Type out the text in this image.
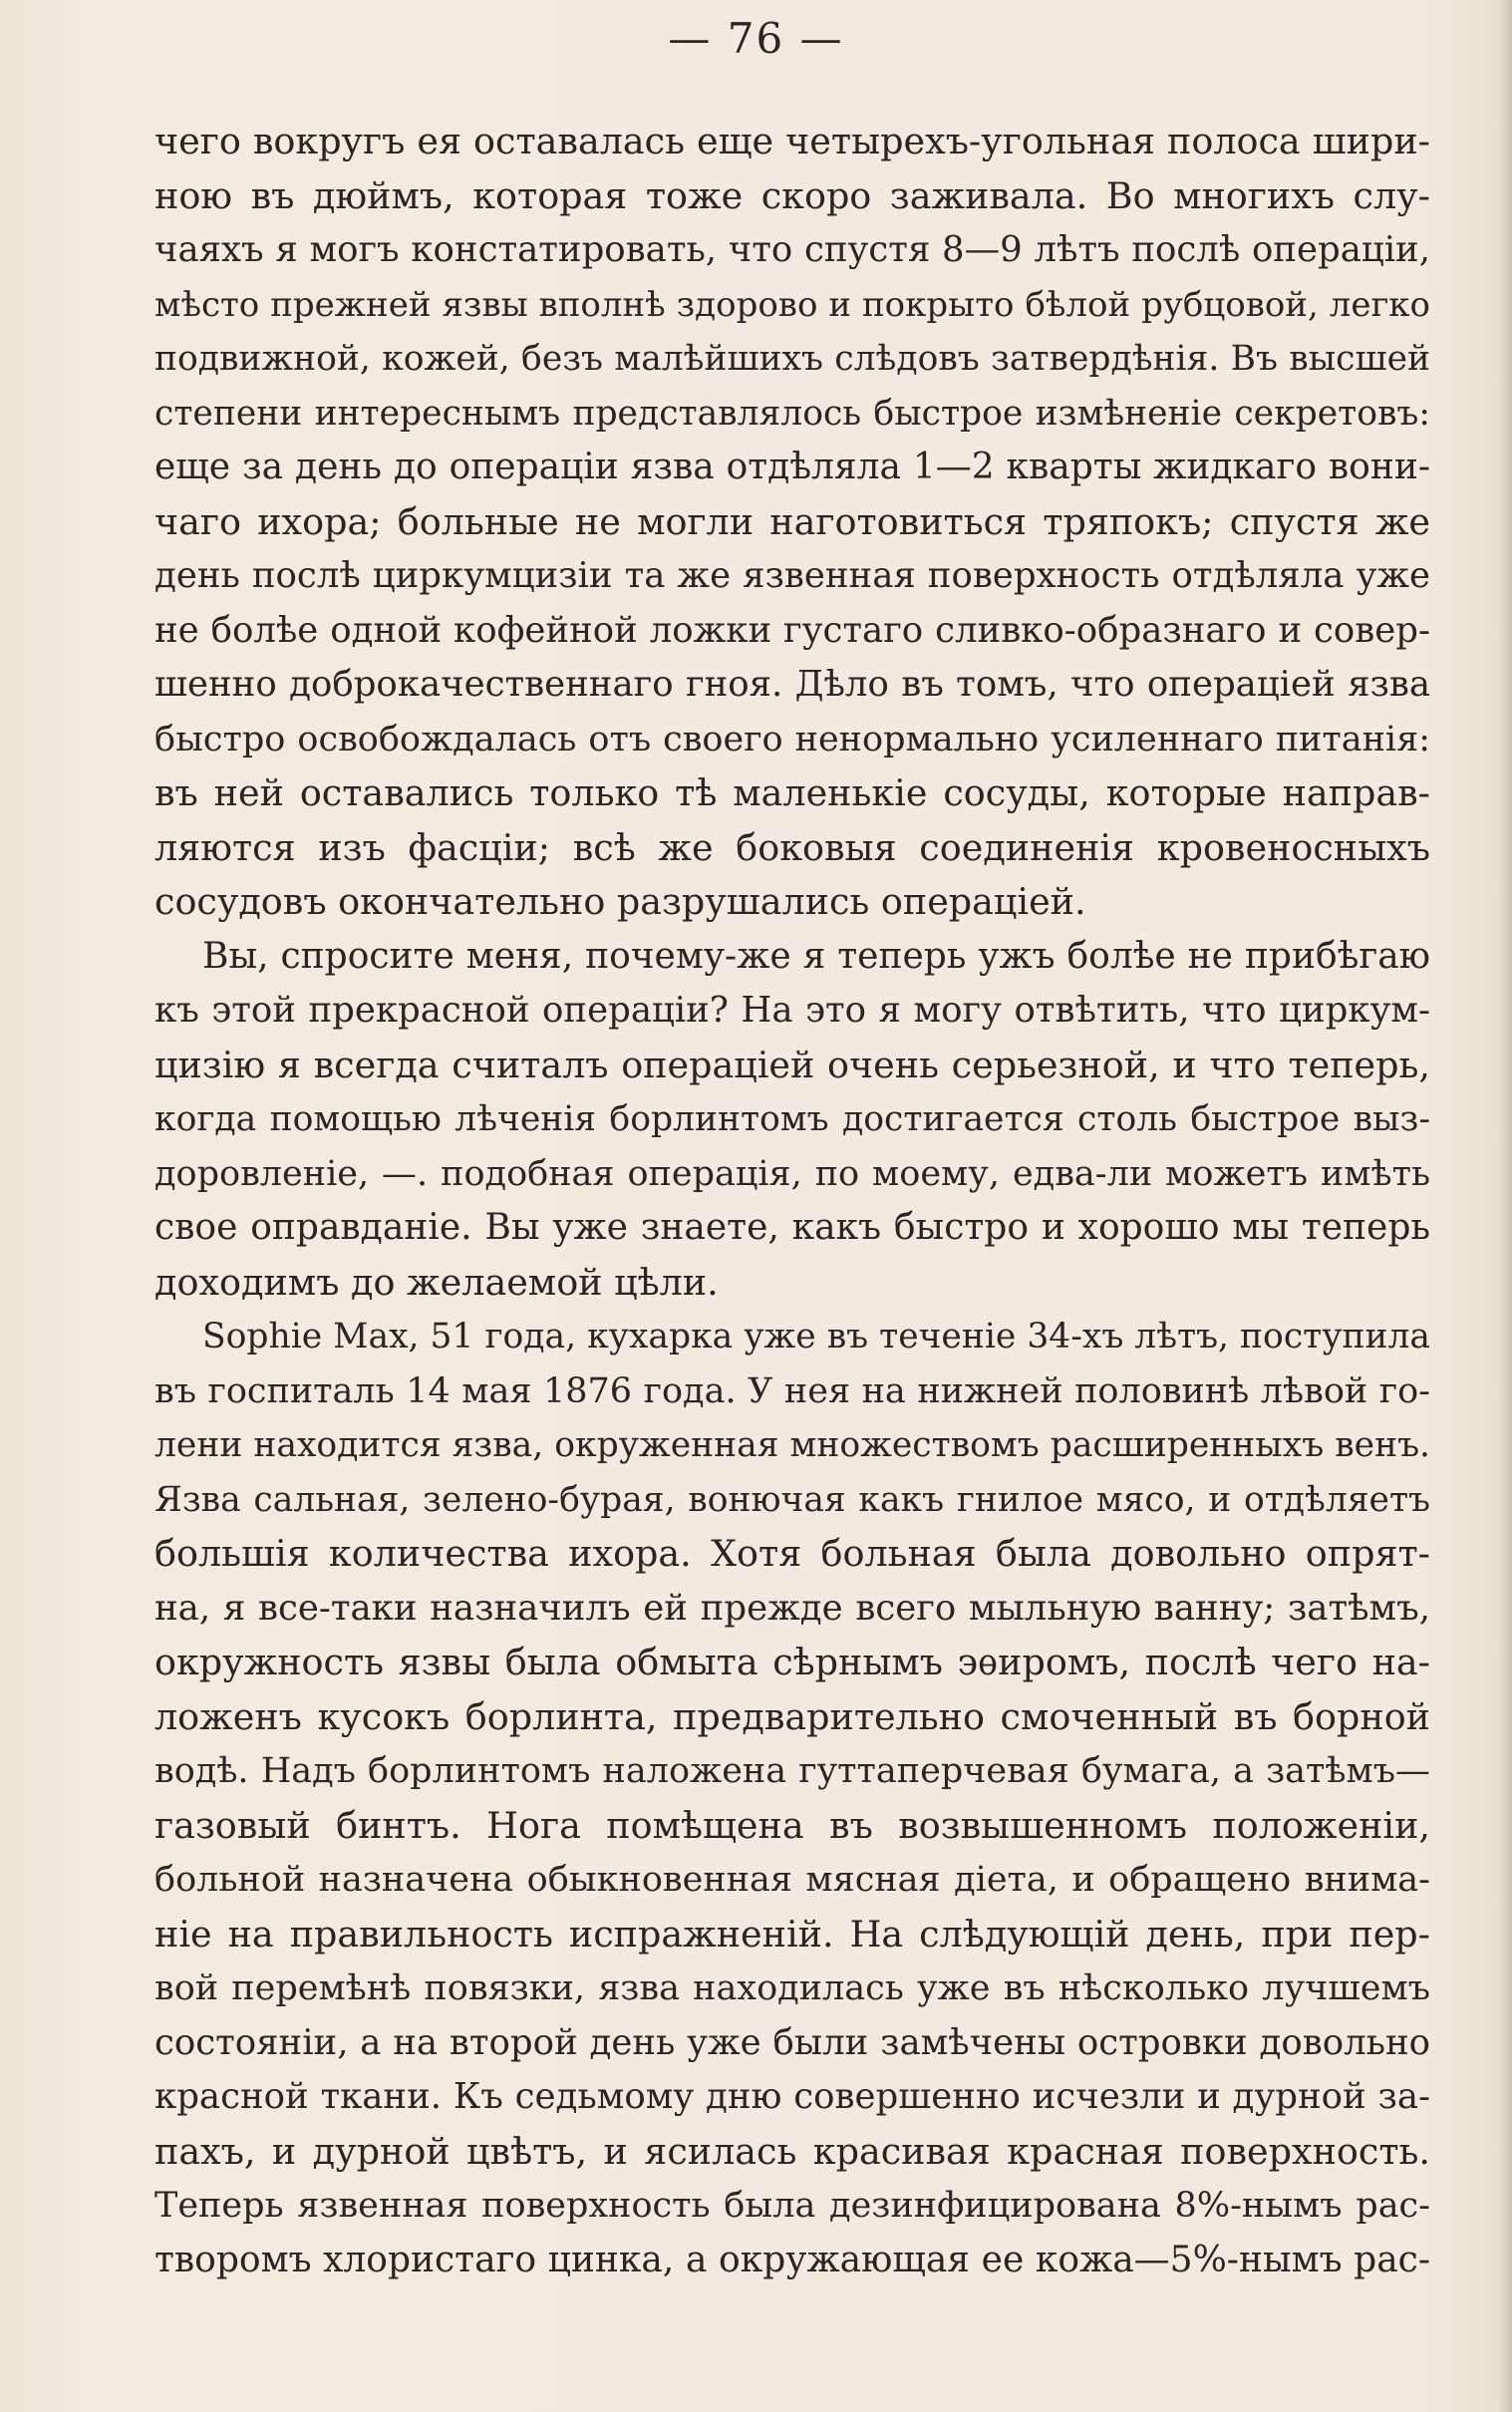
— 76 —
чего вокругъ ея оставалась еще четырехъ-угольная полоса шири-
ною въ дюймъ, которая тоже скоро заживала. Во многихъ слу-
чаяхъ я могъ констатировать, что спустя 8—9 лѣтъ послѣ операціи,
мѣсто прежней язвы вполнѣ здорово и покрыто бѣлой рубцовой, легко
подвижной, кожей, безъ малѣйшихъ слѣдовъ затвердѣнія. Въ высшей
степени интереснымъ представлялось быстрое измѣненіе секретовъ:
еще за день до операціи язва отдѣляла 1—2 кварты жидкаго вони-
чаго ихора; больные не могли наготовиться тряпокъ; спустя же
день послѣ циркумцизіи та же язвенная поверхность отдѣляла уже
не болѣе одной кофейной ложки густаго сливко-образнаго и совер-
шенно доброкачественнаго гноя. Дѣло въ томъ, что операціей язва
быстро освобождалась отъ своего ненормально усиленнаго питанія:
въ ней оставались только тѣ маленькіе сосуды, которые направ-
ляются изъ фасціи; всѣ же боковыя соединенія кровеносныхъ
сосудовъ окончательно разрушались операціей.
Вы, спросите меня, почему-же я теперь ужъ болѣе не прибѣгаю
къ этой прекрасной операціи? На это я могу отвѣтить, что циркум-
цизію я всегда считалъ операціей очень серьезной, и что теперь,
когда помощью лѣченія борлинтомъ достигается столь быстрое выз-
доровленіе, —. подобная операція, по моему, едва-ли можетъ имѣть
свое оправданіе. Вы уже знаете, какъ быстро и хорошо мы теперь
доходимъ до желаемой цѣли.
Sophie Max, 51 года, кухарка уже въ теченіе 34-хъ лѣтъ, поступила
въ госпиталь 14 мая 1876 года. У нея на нижней половинѣ лѣвой го-
лени находится язва, окруженная множествомъ расширенныхъ венъ.
Язва сальная, зелено-бурая, вонючая какъ гнилое мясо, и отдѣляетъ
большія количества ихора. Хотя больная была довольно опрят-
на, я все-таки назначилъ ей прежде всего мыльную ванну; затѣмъ,
окружность язвы была обмыта сѣрнымъ эѳиромъ, послѣ чего на-
ложенъ кусокъ борлинта, предварительно смоченный въ борной
водѣ. Надъ борлинтомъ наложена гуттаперчевая бумага, а затѣмъ—
газовый бинтъ. Нога помѣщена въ возвышенномъ положеніи,
больной назначена обыкновенная мясная діета, и обращено внима-
ніе на правильность испражненій. На слѣдующій день, при пер-
вой перемѣнѣ повязки, язва находилась уже въ нѣсколько лучшемъ
состояніи, а на второй день уже были замѣчены островки довольно
красной ткани. Къ седьмому дню совершенно исчезли и дурной за-
пахъ, и дурной цвѣтъ, и ясилась красивая красная поверхность.
Теперь язвенная поверхность была дезинфицирована 8%-нымъ рас-
творомъ хлористаго цинка, а окружающая ее кожа—5%-нымъ рас-
